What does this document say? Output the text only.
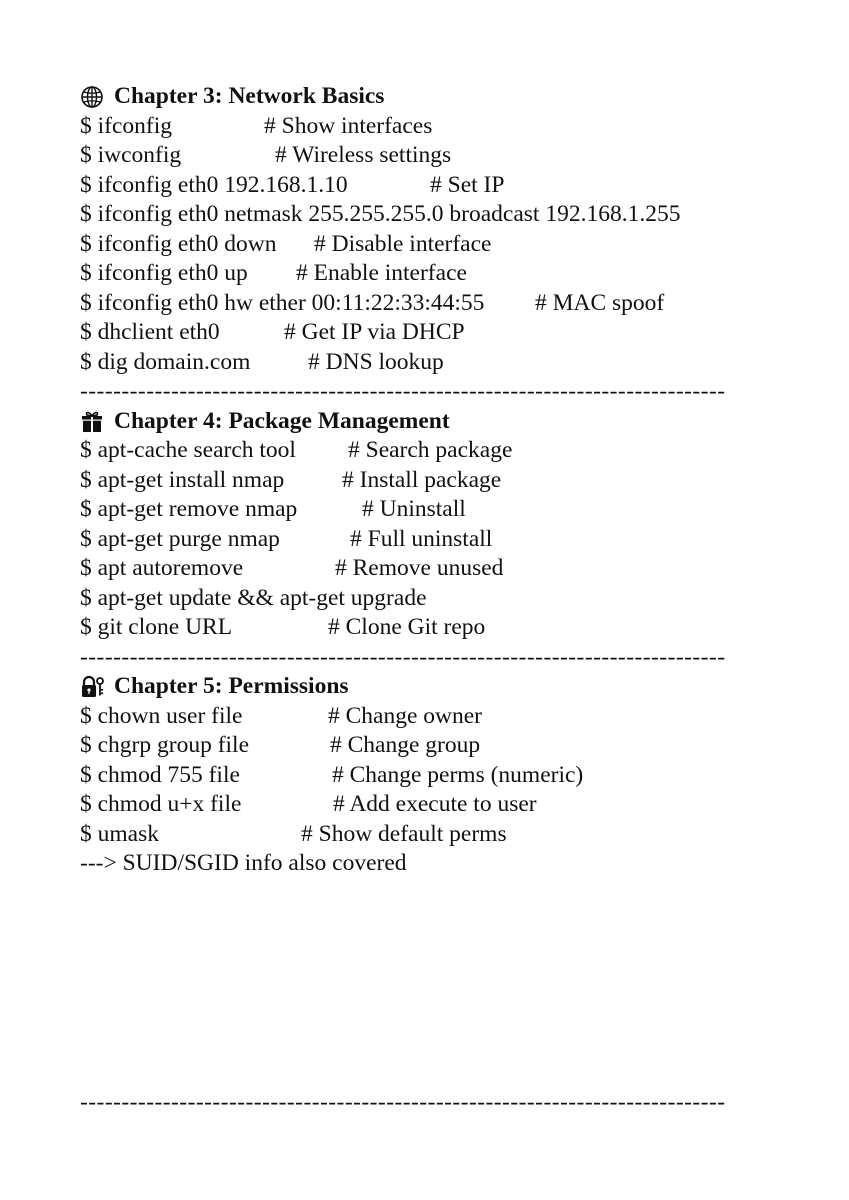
Chapter 3: Network Basics
$ ifconfig	# Show interfaces
$ iwconfig	# Wireless settings
$ ifconfig eth0 192.168.1.10	# Set IP
$ ifconfig eth0 netmask 255.255.255.0 broadcast 192.168.1.255
$ ifconfig eth0 down # Disable interface
$ ifconfig eth0 up # Enable interface
$ ifconfig eth0 hw ether 00:11:22:33:44:55 # MAC spoof
$ dhclient eth0	# Get IP via DHCP
$ dig domain.com # DNS lookup
------------------------------------------------------------------------------
Chapter 4: Package Management
$ apt-cache search tool # Search package
$ apt-get install nmap # Install package
$ apt-get remove nmap	# Uninstall
$ apt-get purge nmap	# Full uninstall
$ apt autoremove	# Remove unused
$ apt-get update && apt-get upgrade
$ git clone URL	# Clone Git repo
------------------------------------------------------------------------------
Chapter 5: Permissions
$ chown user file	# Change owner
$ chgrp group file	# Change group
$ chmod 755 file	# Change perms (numeric)
$ chmod u+x file	# Add execute to user
$ umask	# Show default perms
---> SUID/SGID info also covered
------------------------------------------------------------------------------
